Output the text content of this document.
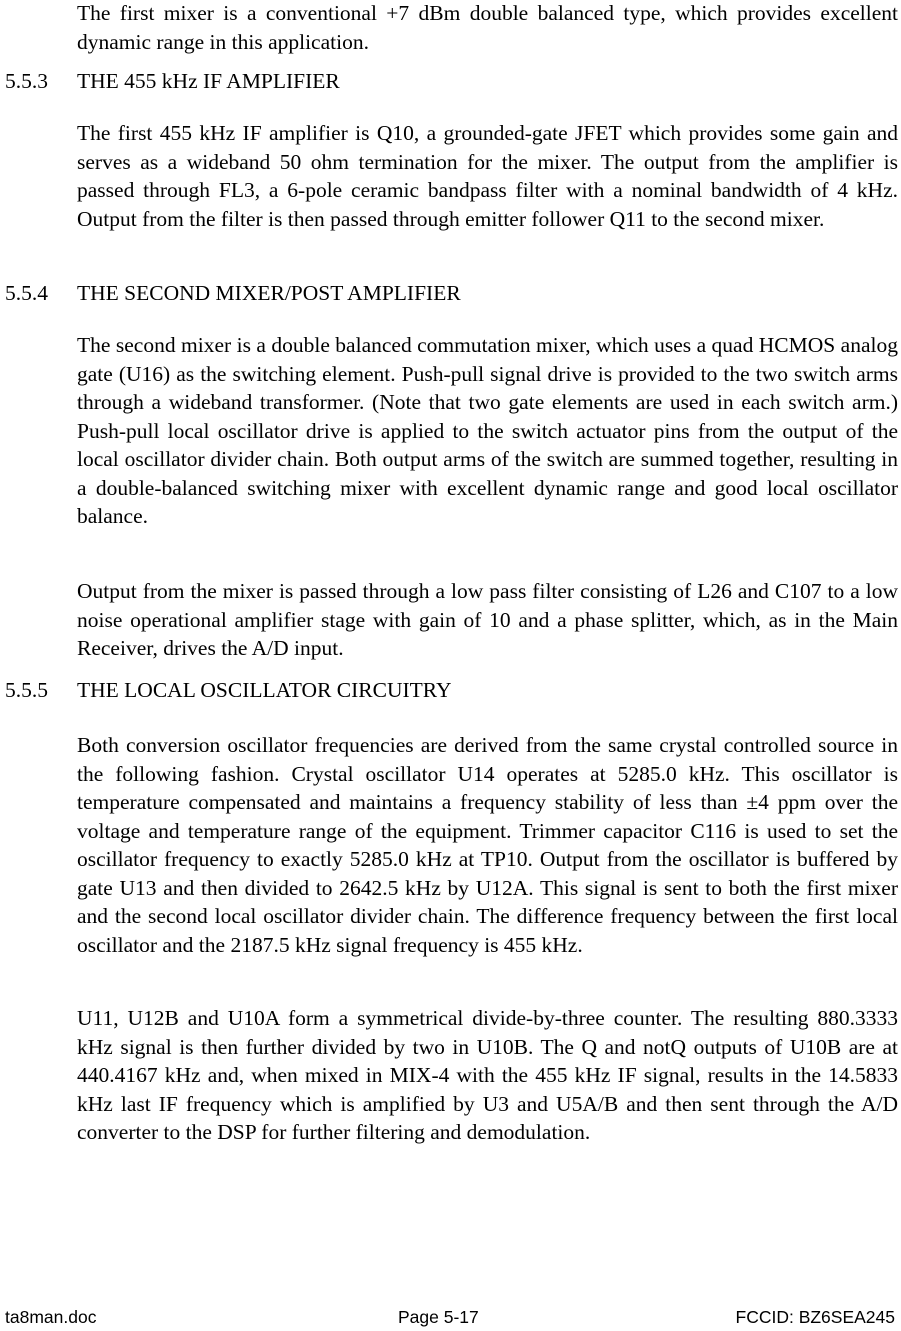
The first mixer is a conventional +7 dBm double balanced type, which provides excellent dynamic range in this application.

5.5.3 THE 455 kHz IF AMPLIFIER

The first 455 kHz IF amplifier is Q10, a grounded-gate JFET which provides some gain and serves as a wideband 50 ohm termination for the mixer. The output from the amplifier is passed through FL3, a 6-pole ceramic bandpass filter with a nominal bandwidth of 4 kHz. Output from the filter is then passed through emitter follower Q11 to the second mixer.

5.5.4 THE SECOND MIXER/POST AMPLIFIER

The second mixer is a double balanced commutation mixer, which uses a quad HCMOS analog gate (U16) as the switching element. Push-pull signal drive is provided to the two switch arms through a wideband transformer. (Note that two gate elements are used in each switch arm.) Push-pull local oscillator drive is applied to the switch actuator pins from the output of the local oscillator divider chain. Both output arms of the switch are summed together, resulting in a double-balanced switching mixer with excellent dynamic range and good local oscillator balance.

Output from the mixer is passed through a low pass filter consisting of L26 and C107 to a low noise operational amplifier stage with gain of 10 and a phase splitter, which, as in the Main Receiver, drives the A/D input.

5.5.5 THE LOCAL OSCILLATOR CIRCUITRY

Both conversion oscillator frequencies are derived from the same crystal controlled source in the following fashion. Crystal oscillator U14 operates at 5285.0 kHz. This oscillator is temperature compensated and maintains a frequency stability of less than ±4 ppm over the voltage and temperature range of the equipment. Trimmer capacitor C116 is used to set the oscillator frequency to exactly 5285.0 kHz at TP10. Output from the oscillator is buffered by gate U13 and then divided to 2642.5 kHz by U12A. This signal is sent to both the first mixer and the second local oscillator divider chain. The difference frequency between the first local oscillator and the 2187.5 kHz signal frequency is 455 kHz.

U11, U12B and U10A form a symmetrical divide-by-three counter. The resulting 880.3333 kHz signal is then further divided by two in U10B. The Q and notQ outputs of U10B are at 440.4167 kHz and, when mixed in MIX-4 with the 455 kHz IF signal, results in the 14.5833 kHz last IF frequency which is amplified by U3 and U5A/B and then sent through the A/D converter to the DSP for further filtering and demodulation.

ta8man.doc	Page 5-17	FCCID: BZ6SEA245
